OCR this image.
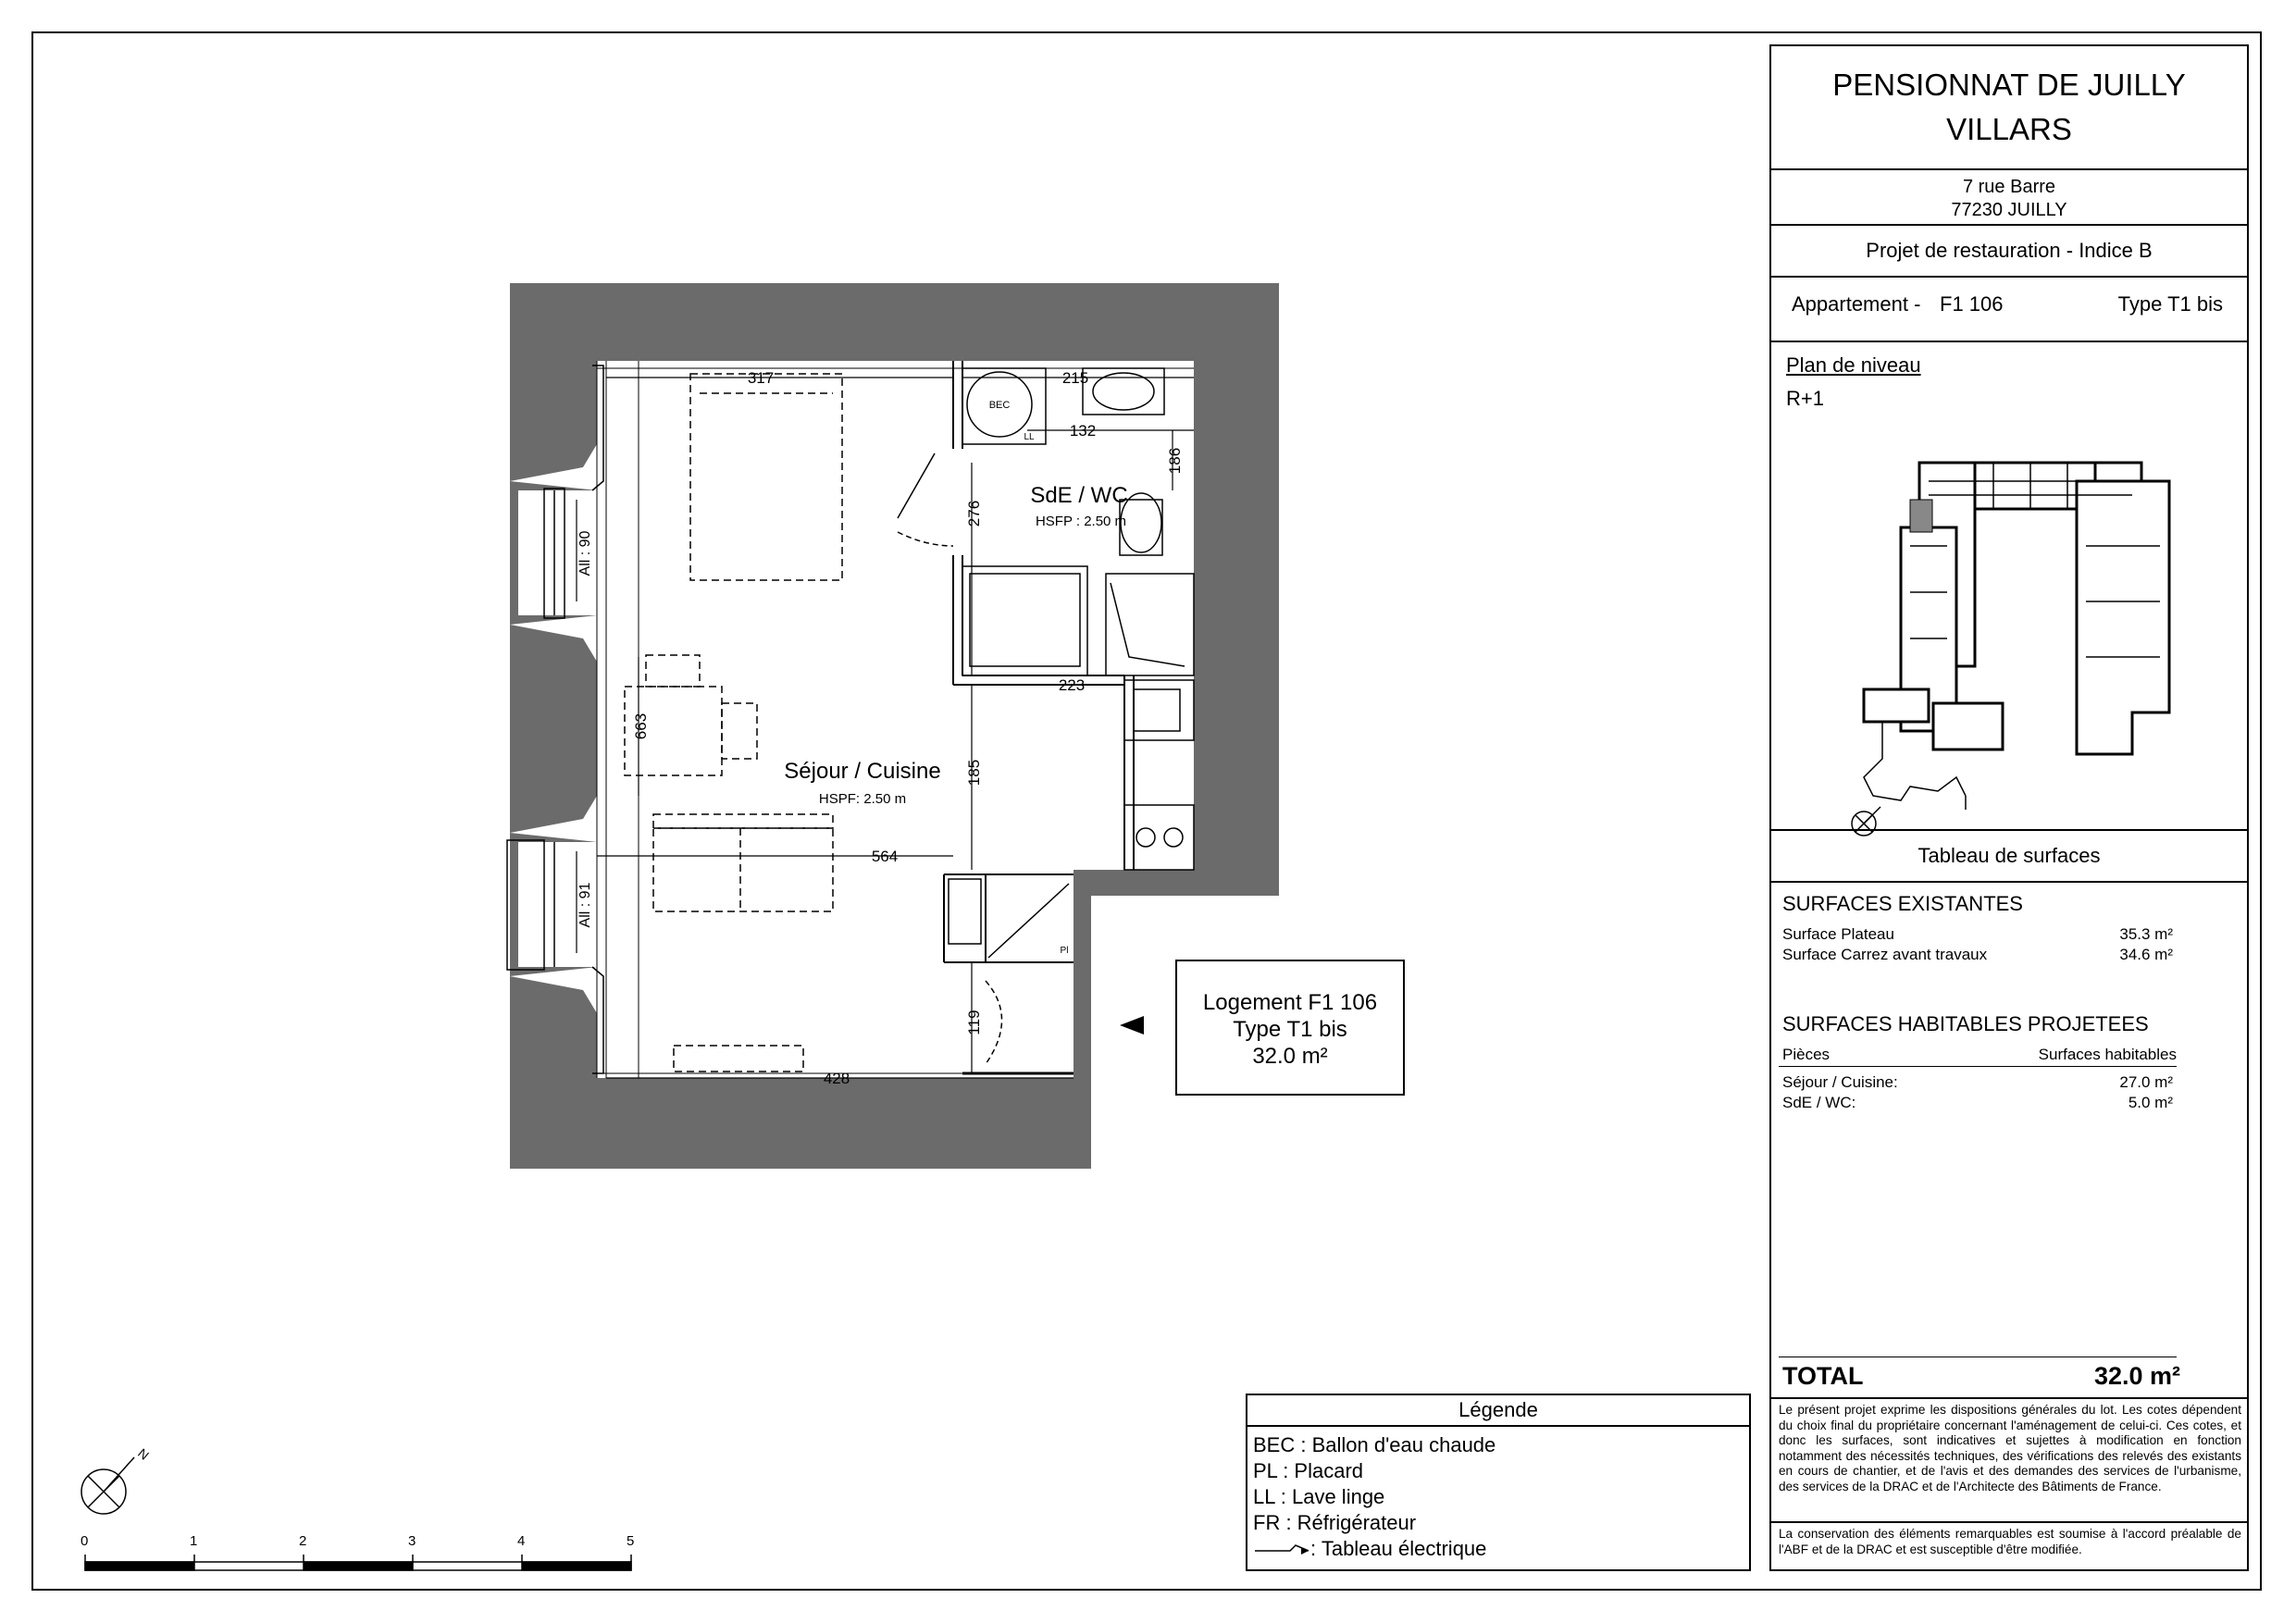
317	215
132
186
276
223
663
185
564
119
428
All : 90
All : 91
SdE / WC
HSFP : 2.50 m
Séjour / Cuisine
HSPF: 2.50 m
BEC
LL
Pl
N
0	1	2	3	4	5
Logement F1 106
Type T1 bis
32.0 m²
Légende
BEC : Ballon d'eau chaude
PL : Placard
LL : Lave linge
FR : Réfrigérateur
: Tableau électrique
PENSIONNAT DE JUILLY
VILLARS
7 rue Barre
77230 JUILLY
Projet de restauration - Indice B
Appartement - F1 106	Type T1 bis
Plan de niveau
R+1
Tableau de surfaces
SURFACES EXISTANTES
Surface Plateau	35.3 m²
Surface Carrez avant travaux	34.6 m²
SURFACES HABITABLES PROJETEES
Pièces	Surfaces habitables
Séjour / Cuisine:	27.0 m²
SdE / WC:	5.0 m²
TOTAL	32.0 m²
Le présent projet exprime les dispositions générales du lot. Les cotes dépendent du choix final du propriétaire concernant l'aménagement de celui-ci. Ces cotes, et donc les surfaces, sont indicatives et sujettes à modification en fonction notamment des nécessités techniques, des vérifications des relevés des existants en cours de chantier, et de l'avis et des demandes des services de l'urbanisme, des services de la DRAC et de l'Architecte des Bâtiments de France.
La conservation des éléments remarquables est soumise à l'accord préalable de l'ABF et de la DRAC et est susceptible d'être modifiée.
